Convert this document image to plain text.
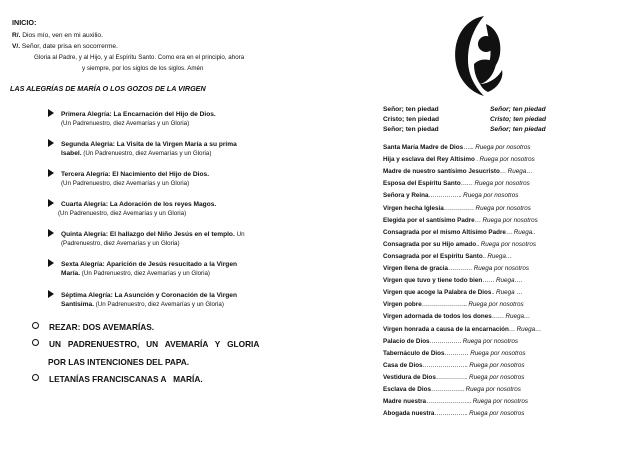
INICIO:
R/. Dios mío, ven en mi auxilio.
V/. Señor, date prisa en socorrerme.
Gloria al Padre, y al Hijo, y al Espíritu Santo. Como era en el principio, ahora
y siempre, por los siglos de los siglos. Amén
LAS ALEGRÍAS DE MARÍA O LOS GOZOS DE LA VIRGEN
Primera Alegría: La Encarnación del Hijo de Dios.
(Un Padrenuestro, diez Avemarías y un Gloria)
Segunda Alegría: La Visita de la Virgen María a su prima
Isabel. (Un Padrenuestro, diez Avemarías y un Gloria)
Tercera Alegría: El Nacimiento del Hijo de Dios.
(Un Padrenuestro, diez Avemarías y un Gloria)
Cuarta Alegría: La Adoración de los reyes Magos.
(Un Padrenuestro, diez Avemarías y un Gloria)
Quinta Alegría: El hallazgo del Niño Jesús en el templo. Un
(Padrenuestro, diez Avemarías y un Gloria)
Sexta Alegría: Aparición de Jesús resucitado a la Virgen
María. (Un Padrenuestro, diez Avemarías y un Gloria)
Séptima Alegría: La Asunción y Coronación de la Virgen
Santísima. (Un Padrenuestro, diez Avemarías y un Gloria)
REZAR: DOS AVEMARÍAS.
UN   PADRENUESTRO,   UN   AVEMARÍA   Y   GLORIA
POR LAS INTENCIONES DEL PAPA.
LETANÍAS FRANCISCANAS A   MARÍA.
Señor; ten piedad	Señor; ten piedad
Cristo; ten piedad	Cristo; ten piedad
Señor; ten piedad	Señor; ten piedad
Santa María Madre de Dios…... Ruega por nosotros
Hija y esclava del Rey Altísimo . Ruega por nosotros
Madre de nuestro santísimo Jesucristo… Ruega…
Esposa del Espíritu Santo…… Ruega por nosotros
Señora y Reina…………….. Ruega por nosotros
Virgen hecha Iglesia…………… Ruega por nosotros
Elegida por el santísimo Padre… Ruega por nosotros
Consagrada por el mismo Altísimo Padre… Ruega..
Consagrada por su Hijo amado.. Ruega por nosotros
Consagrada por el Espíritu Santo.. Ruega…
Virgen llena de gracia………… Ruega por nosotros
Virgen que tuvo y tiene todo bien…… Ruega….
Virgen que acoge la Palabra de Dios.. Ruega …
Virgen pobre………………….. Ruega por nosotros
Virgen adornada de todos los dones…… Ruega…
Virgen honrada a causa de la encarnación… Ruega…
Palacio de Dios……………. Ruega por nosotros
Tabernáculo de Dios………… Ruega por nosotros
Casa de Dios………………….. Ruega por nosotros
Vestidura de Dios……………. Ruega por nosotros
Esclava de Dios…………….. Ruega por nosotros
Madre nuestra………………….. Ruega por nosotros
Abogada nuestra…………….. Ruega por nosotros
